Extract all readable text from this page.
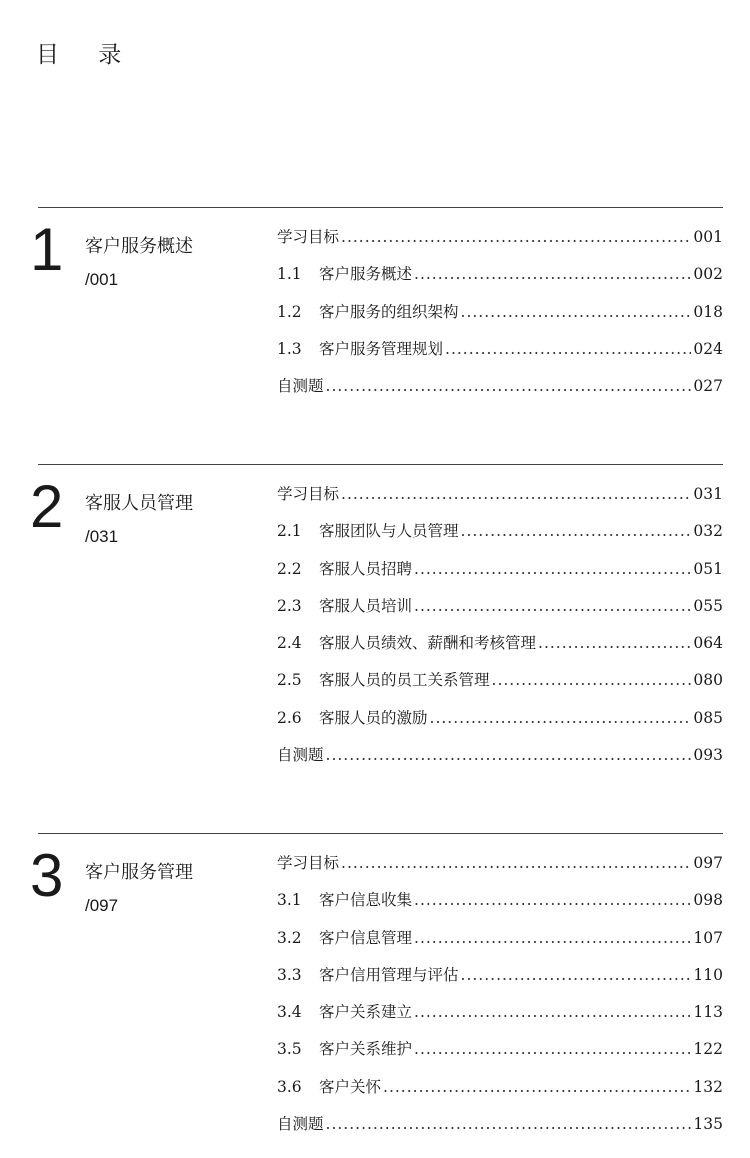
目 录
1 客户服务概述
/001
学习目标 .....	001
1.1	客户服务概述 .....	002
1.2	客户服务的组织架构 .....	018
1.3	客户服务管理规划 .....	024
自测题 .....	027
2 客服人员管理
/031
学习目标 .....	031
2.1	客服团队与人员管理 .....	032
2.2	客服人员招聘 .....	051
2.3	客服人员培训 .....	055
2.4	客服人员绩效、薪酬和考核管理 .....	064
2.5	客服人员的员工关系管理 .....	080
2.6	客服人员的激励 .....	085
自测题 .....	093
3 客户服务管理
/097
学习目标 .....	097
3.1	客户信息收集 .....	098
3.2	客户信息管理 .....	107
3.3	客户信用管理与评估 .....	110
3.4	客户关系建立 .....	113
3.5	客户关系维护 .....	122
3.6	客户关怀 .....	132
自测题 .....	135
